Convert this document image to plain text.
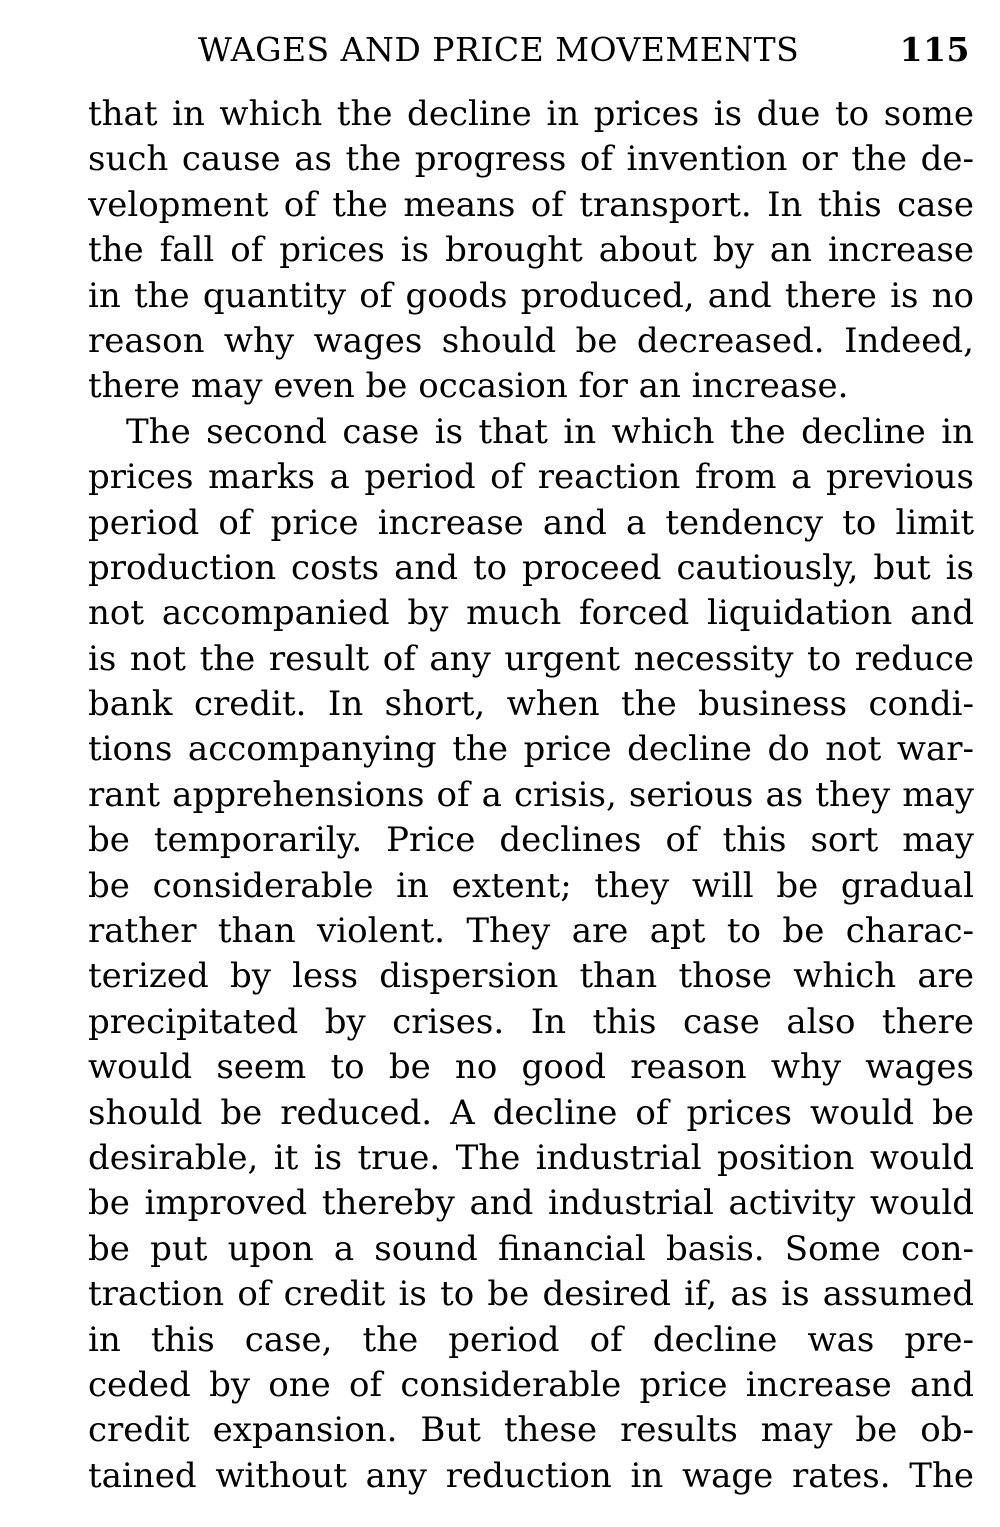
WAGES AND PRICE MOVEMENTS	115
that in which the decline in prices is due to some
such cause as the progress of invention or the de-
velopment of the means of transport. In this case
the fall of prices is brought about by an increase
in the quantity of goods produced, and there is no
reason why wages should be decreased. Indeed,
there may even be occasion for an increase.
The second case is that in which the decline in
prices marks a period of reaction from a previous
period of price increase and a tendency to limit
production costs and to proceed cautiously, but is
not accompanied by much forced liquidation and
is not the result of any urgent necessity to reduce
bank credit. In short, when the business condi-
tions accompanying the price decline do not war-
rant apprehensions of a crisis, serious as they may
be temporarily. Price declines of this sort may
be considerable in extent; they will be gradual
rather than violent. They are apt to be charac-
terized by less dispersion than those which are
precipitated by crises. In this case also there
would seem to be no good reason why wages
should be reduced. A decline of prices would be
desirable, it is true. The industrial position would
be improved thereby and industrial activity would
be put upon a sound financial basis. Some con-
traction of credit is to be desired if, as is assumed
in this case, the period of decline was pre-
ceded by one of considerable price increase and
credit expansion. But these results may be ob-
tained without any reduction in wage rates. The
